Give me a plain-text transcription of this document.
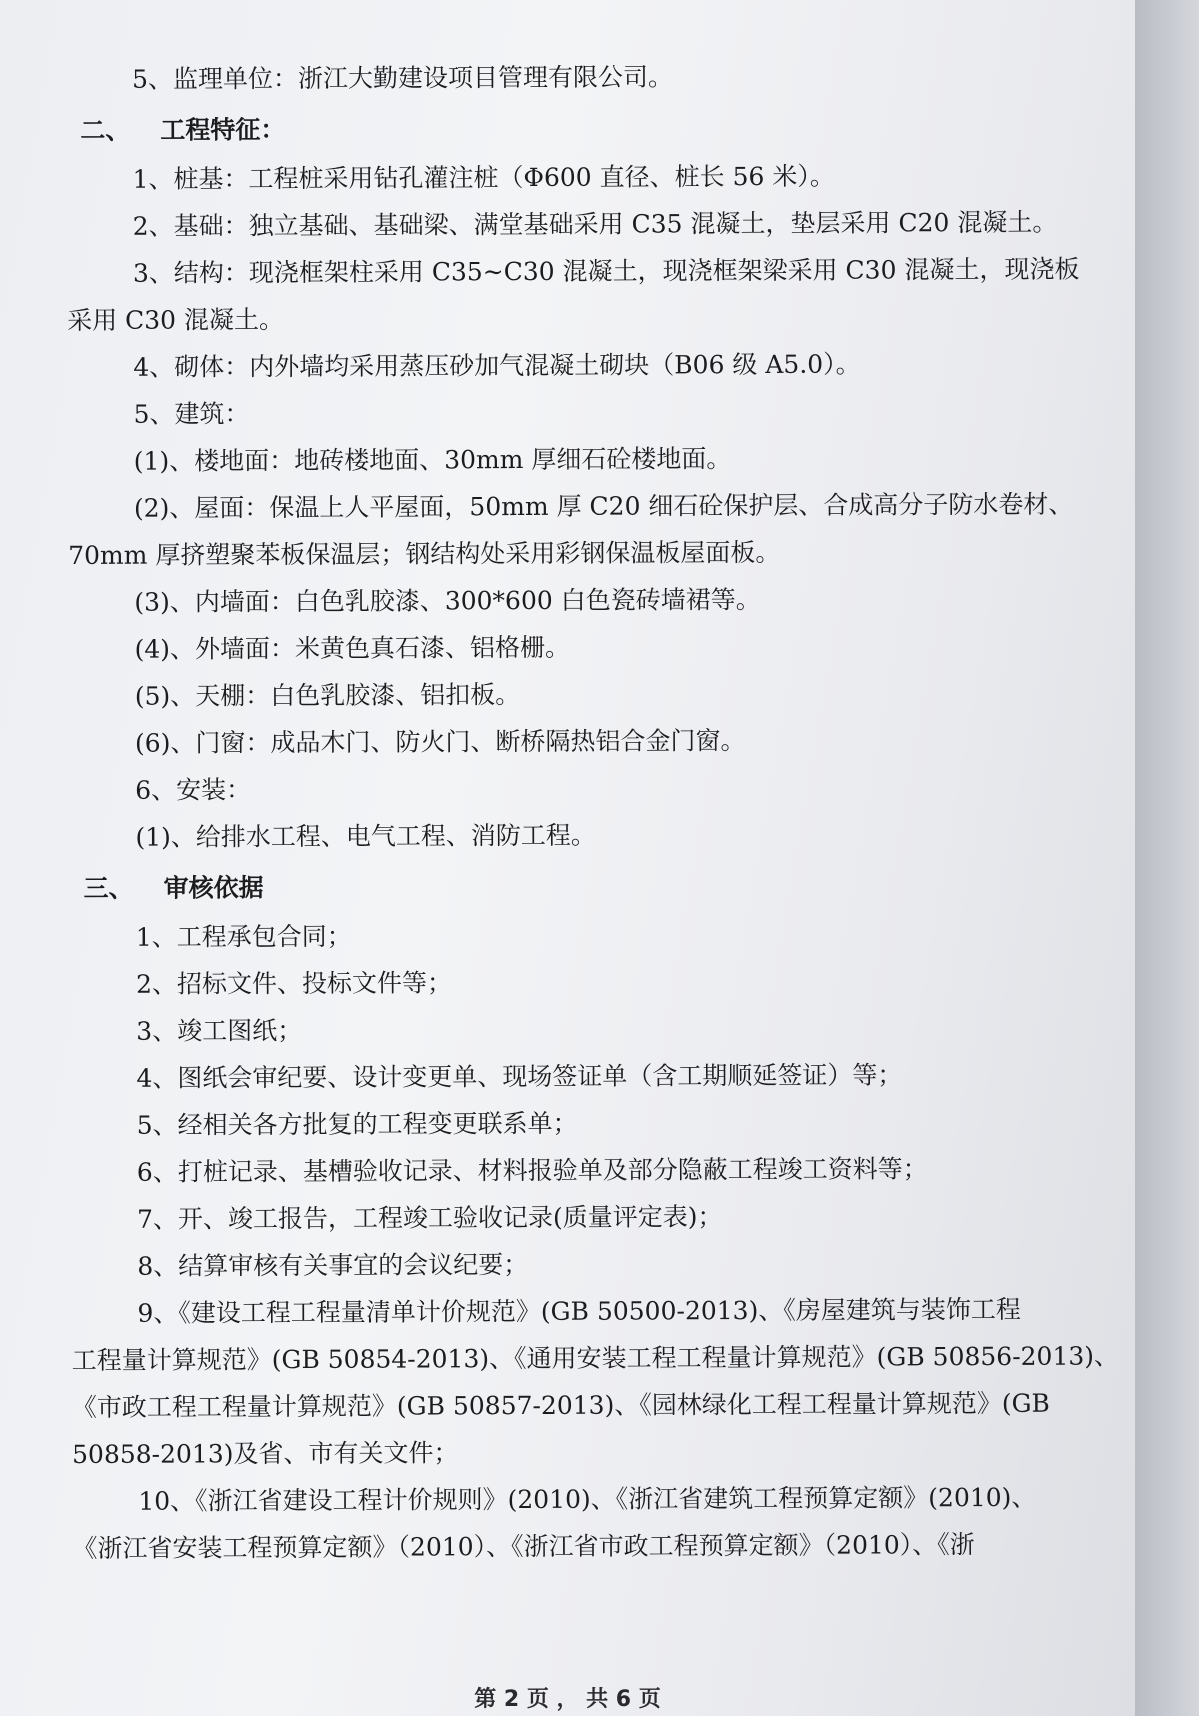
5、监理单位：浙江大勤建设项目管理有限公司。

二、 工程特征：

1、桩基：工程桩采用钻孔灌注桩（Φ600 直径、桩长 56 米）。

2、基础：独立基础、基础梁、满堂基础采用 C35 混凝土，垫层采用 C20 混凝土。

3、结构：现浇框架柱采用 C35~C30 混凝土，现浇框架梁采用 C30 混凝土，现浇板

采用 C30 混凝土。

4、砌体：内外墙均采用蒸压砂加气混凝土砌块（B06 级 A5.0）。

5、建筑：

(1)、楼地面：地砖楼地面、30mm 厚细石砼楼地面。

(2)、屋面：保温上人平屋面，50mm 厚 C20 细石砼保护层、合成高分子防水卷材、

70mm 厚挤塑聚苯板保温层；钢结构处采用彩钢保温板屋面板。

(3)、内墙面：白色乳胶漆、300*600 白色瓷砖墙裙等。

(4)、外墙面：米黄色真石漆、铝格栅。

(5)、天棚：白色乳胶漆、铝扣板。

(6)、门窗：成品木门、防火门、断桥隔热铝合金门窗。

6、安装：

(1)、给排水工程、电气工程、消防工程。

三、 审核依据

1、工程承包合同；

2、招标文件、投标文件等；

3、竣工图纸；

4、图纸会审纪要、设计变更单、现场签证单（含工期顺延签证）等；

5、经相关各方批复的工程变更联系单；

6、打桩记录、基槽验收记录、材料报验单及部分隐蔽工程竣工资料等；

7、开、竣工报告，工程竣工验收记录(质量评定表)；

8、结算审核有关事宜的会议纪要；

9、《建设工程工程量清单计价规范》(GB 50500-2013)、《房屋建筑与装饰工程

工程量计算规范》(GB 50854-2013)、《通用安装工程工程量计算规范》(GB 50856-2013)、

《市政工程工程量计算规范》(GB 50857-2013)、《园林绿化工程工程量计算规范》(GB

50858-2013)及省、市有关文件；

10、《浙江省建设工程计价规则》(2010)、《浙江省建筑工程预算定额》(2010)、

《浙江省安装工程预算定额》（2010）、《浙江省市政工程预算定额》（2010）、《浙

第 2 页 ， 共 6 页
